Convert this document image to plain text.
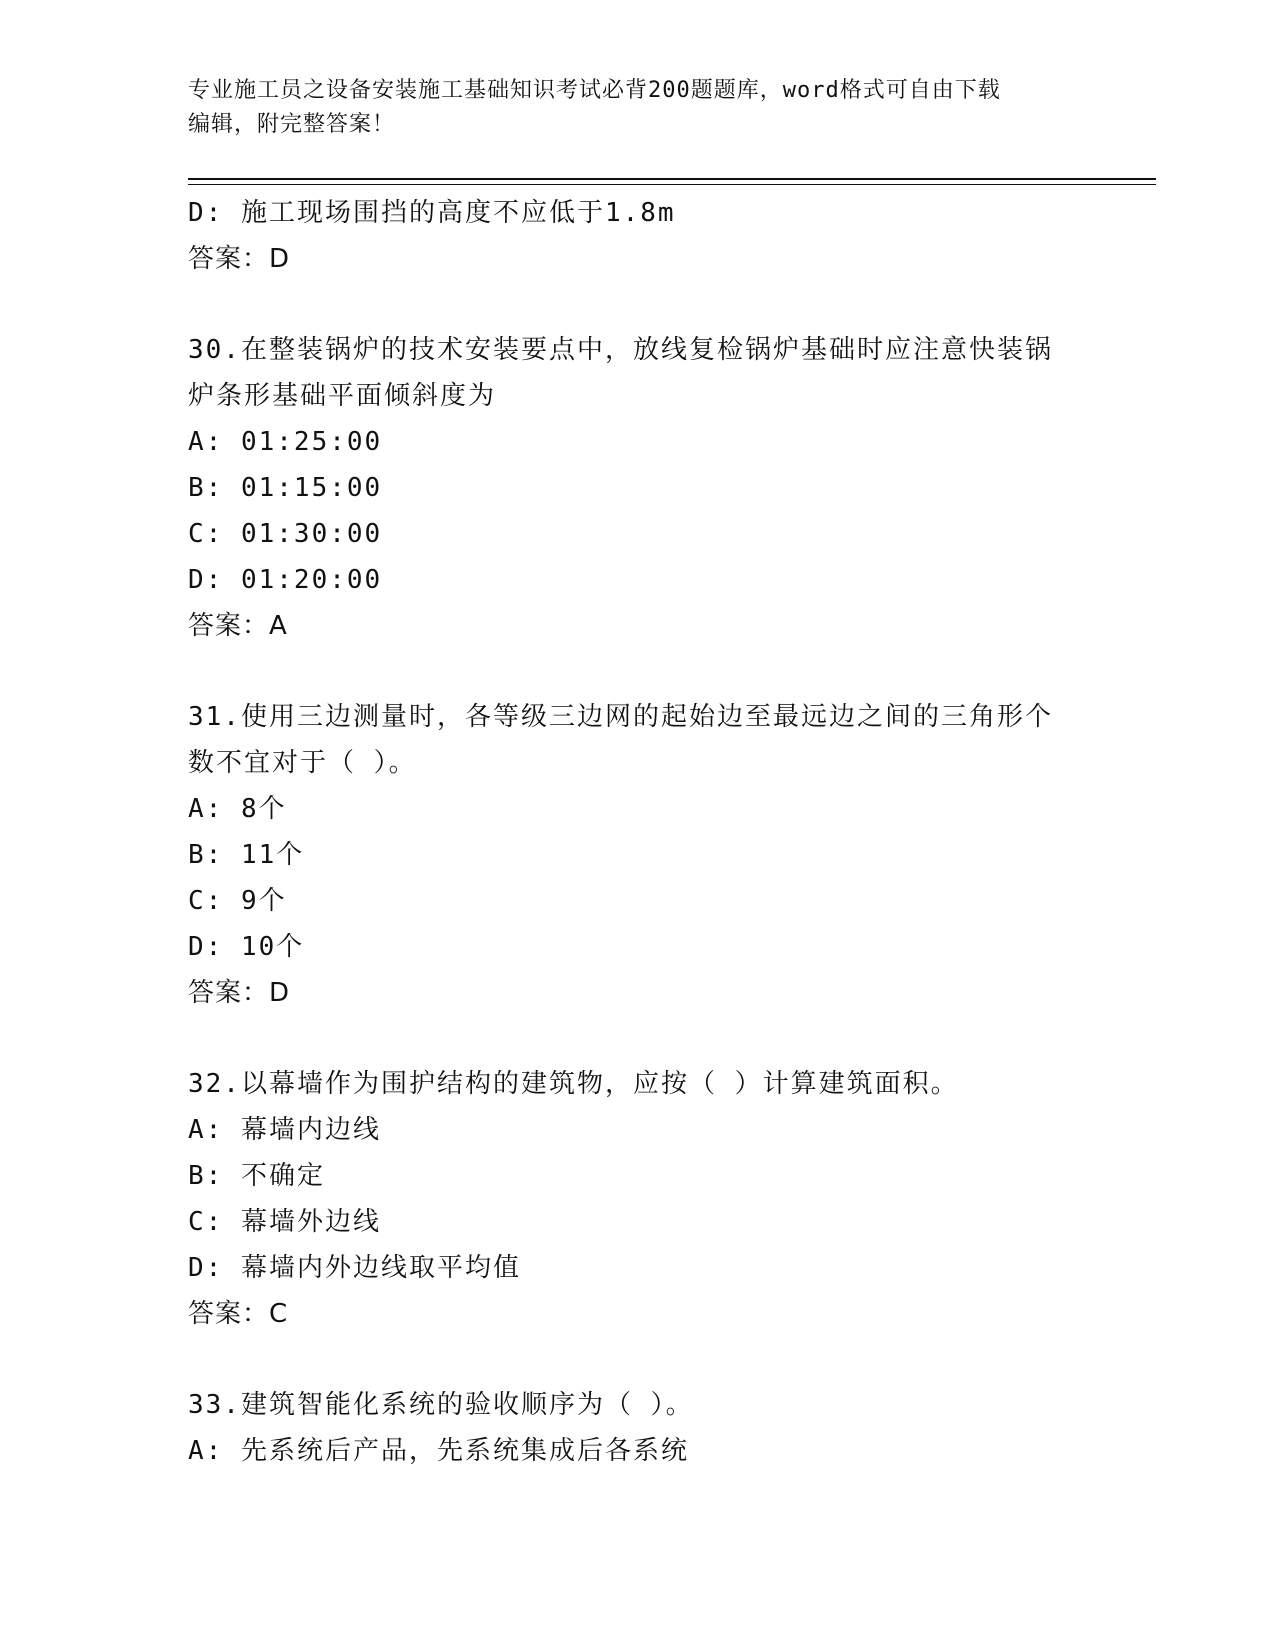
专业施工员之设备安装施工基础知识考试必背200题题库，word格式可自由下载
编辑，附完整答案！
D: 施工现场围挡的高度不应低于1.8m
答案：D
30.在整装锅炉的技术安装要点中，放线复检锅炉基础时应注意快装锅
炉条形基础平面倾斜度为
A: 01:25:00
B: 01:15:00
C: 01:30:00
D: 01:20:00
答案：A
31.使用三边测量时，各等级三边网的起始边至最远边之间的三角形个
数不宜对于（ ）。
A: 8个
B: 11个
C: 9个
D: 10个
答案：D
32.以幕墙作为围护结构的建筑物，应按（ ）计算建筑面积。
A: 幕墙内边线
B: 不确定
C: 幕墙外边线
D: 幕墙内外边线取平均值
答案：C
33.建筑智能化系统的验收顺序为（ ）。
A: 先系统后产品，先系统集成后各系统
